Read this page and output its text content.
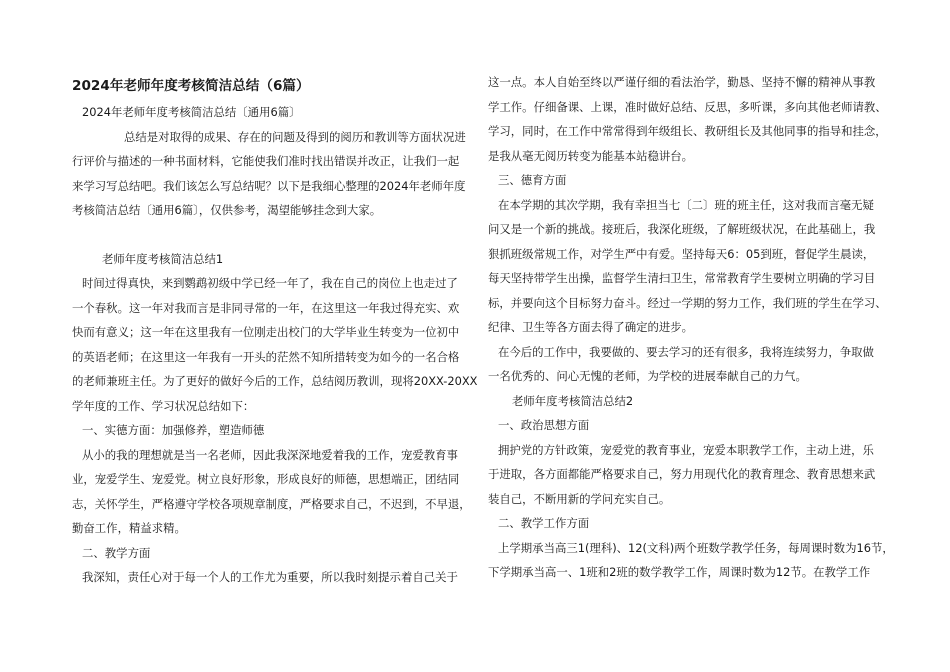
2024年老师年度考核简洁总结（6篇）
2024年老师年度考核简洁总结〔通用6篇〕
总结是对取得的成果、存在的问题及得到的阅历和教训等方面状况进
行评价与描述的一种书面材料，它能使我们准时找出错误并改正，让我们一起
来学习写总结吧。我们该怎么写总结呢？以下是我细心整理的2024年老师年度
考核简洁总结〔通用6篇〕，仅供参考，渴望能够挂念到大家。
老师年度考核简洁总结1
时间过得真快，来到鹦鹉初级中学已经一年了，我在自己的岗位上也走过了
一个春秋。这一年对我而言是非同寻常的一年，在这里这一年我过得充实、欢
快而有意义；这一年在这里我有一位刚走出校门的大学毕业生转变为一位初中
的英语老师；在这里这一年我有一开头的茫然不知所措转变为如今的一名合格
的老师兼班主任。为了更好的做好今后的工作，总结阅历教训，现将20XX-20XX
学年度的工作、学习状况总结如下：
一、实德方面：加强修养，塑造师德
从小的我的理想就是当一名老师，因此我深深地爱着我的工作，宠爱教育事
业，宠爱学生、宠爱党。树立良好形象，形成良好的师德，思想端正，团结同
志，关怀学生，严格遵守学校各项规章制度，严格要求自己，不迟到，不早退，
勤奋工作，精益求精。
二、教学方面
我深知，责任心对于每一个人的工作尤为重要，所以我时刻提示着自己关于
这一点。本人自始至终以严谨仔细的看法治学，勤恳、坚持不懈的精神从事教
学工作。仔细备课、上课，准时做好总结、反思，多听课，多向其他老师请教、
学习，同时，在工作中常常得到年级组长、教研组长及其他同事的指导和挂念，
是我从毫无阅历转变为能基本站稳讲台。
三、德育方面
在本学期的其次学期，我有幸担当七〔二〕班的班主任，这对我而言毫无疑
问又是一个新的挑战。接班后，我深化班级，了解班级状况，在此基础上，我
狠抓班级常规工作，对学生严中有爱。坚持每天6：05到班，督促学生晨读，
每天坚持带学生出操，监督学生清扫卫生，常常教育学生要树立明确的学习目
标，并要向这个目标努力奋斗。经过一学期的努力工作，我们班的学生在学习、
纪律、卫生等各方面去得了确定的进步。
在今后的工作中，我要做的、要去学习的还有很多，我将连续努力，争取做
一名优秀的、问心无愧的老师，为学校的进展奉献自己的力气。
老师年度考核简洁总结2
一、政治思想方面
拥护党的方针政策，宠爱党的教育事业，宠爱本职教学工作，主动上进，乐
于进取，各方面都能严格要求自己，努力用现代化的教育理念、教育思想来武
装自己，不断用新的学问充实自己。
二、教学工作方面
上学期承当高三1(理科)、12(文科)两个班数学教学任务，每周课时数为16节，
下学期承当高一、1班和2班的数学教学工作，周课时数为12节。在教学工作
